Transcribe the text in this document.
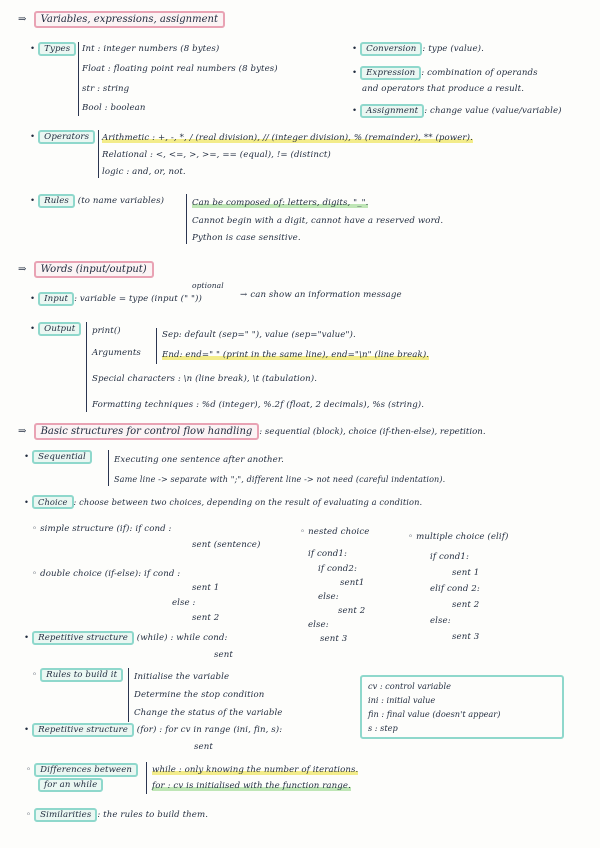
⇒ Variables, expressions, assignment
• Types	Int : integer numbers (8 bytes)
Float : floating point real numbers (8 bytes)
str : string
Bool : boolean
• Conversion : type (value).
• Expression : combination of operands
and operators that produce a result.
• Assignment : change value (value/variable)
• Operators	Arithmetic : +, -, *, / (real division), // (integer division), % (remainder), ** (power).
Relational : <, <=, >, >=, == (equal), != (distinct)
logic : and, or, not.
• Rules (to name variables)	Can be composed of: letters, digits, "_".
Cannot begin with a digit, cannot have a reserved word.
Python is case sensitive.
⇒ Words (input/output)
optional
• Input : variable = type (input (" "))	→ can show an information message
• Output	print()
Arguments
Sep: default (sep=" "), value (sep="value").
End: end=" " (print in the same line), end="\n" (line break).
Special characters : \n (line break), \t (tabulation).
Formatting techniques : %d (integer), %.2f (float, 2 decimals), %s (string).
⇒ Basic structures for control flow handling : sequential (block), choice (if-then-else), repetition.
• Sequential	Executing one sentence after another.
Same line -> separate with ";", different line -> not need (careful indentation).
• Choice : choose between two choices, depending on the result of evaluating a condition.
◦ simple structure (if): if cond :
sent (sentence)
◦ double choice (if-else): if cond :
sent 1
else :
sent 2
◦ nested choice
if cond1:
if cond2:
sent1
else:
sent 2
else:
sent 3
◦ multiple choice (elif)
if cond1:
sent 1
elif cond 2:
sent 2
else:
sent 3
• Repetitive structure (while) : while cond:
sent
◦ Rules to build it	Initialise the variable
Determine the stop condition
Change the status of the variable
cv : control variable
ini : initial value
fin : final value (doesn't appear)
s : step
• Repetitive structure (for) : for cv in range (ini, fin, s):
sent
◦ Differences between
for an while
while : only knowing the number of iterations.
for : cv is initialised with the function range.
◦ Similarities : the rules to build them.
